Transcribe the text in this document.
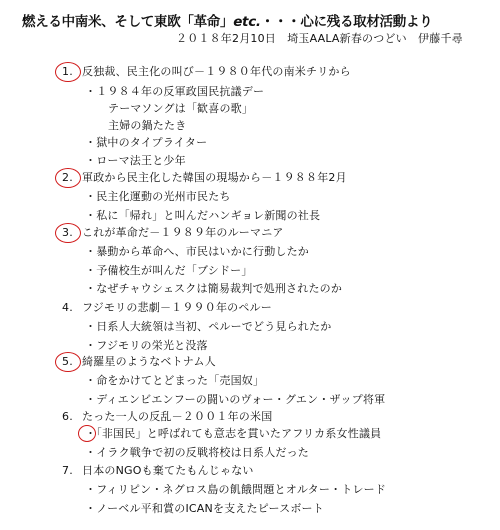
燃える中南米、そして東欧「革命」etc.・・・心に残る取材活動より
２０１８年2月10日　埼玉AALA新春のつどい　伊藤千尋
1. 反独裁、民主化の叫び－１９８０年代の南米チリから
・１９８４年の反軍政国民抗議デー
テーマソングは「歓喜の歌」
主婦の鍋たたき
・獄中のタイプライター
・ローマ法王と少年
2. 軍政から民主化した韓国の現場から－１９８８年2月
・民主化運動の光州市民たち
・私に「帰れ」と叫んだハンギョレ新聞の社長
3. これが革命だ－１９８９年のルーマニア
・暴動から革命へ、市民はいかに行動したか
・予備校生が叫んだ「ブシドー」
・なぜチャウシェスクは簡易裁判で処刑されたのか
4. フジモリの悲劇－１９９０年のペルー
・日系人大統領は当初、ペルーでどう見られたか
・フジモリの栄光と没落
5. 綺羅星のようなベトナム人
・命をかけてとどまった「売国奴」
・ディエンビエンフーの闘いのヴォー・グエン・ザップ将軍
6. たった一人の反乱－２００１年の米国
・「非国民」と呼ばれても意志を貫いたアフリカ系女性議員
・イラク戦争で初の反戦将校は日系人だった
7. 日本のNGOも棄てたもんじゃない
・フィリピン・ネグロス島の飢餓問題とオルター・トレード
・ノーベル平和賞のICANを支えたピースボート
